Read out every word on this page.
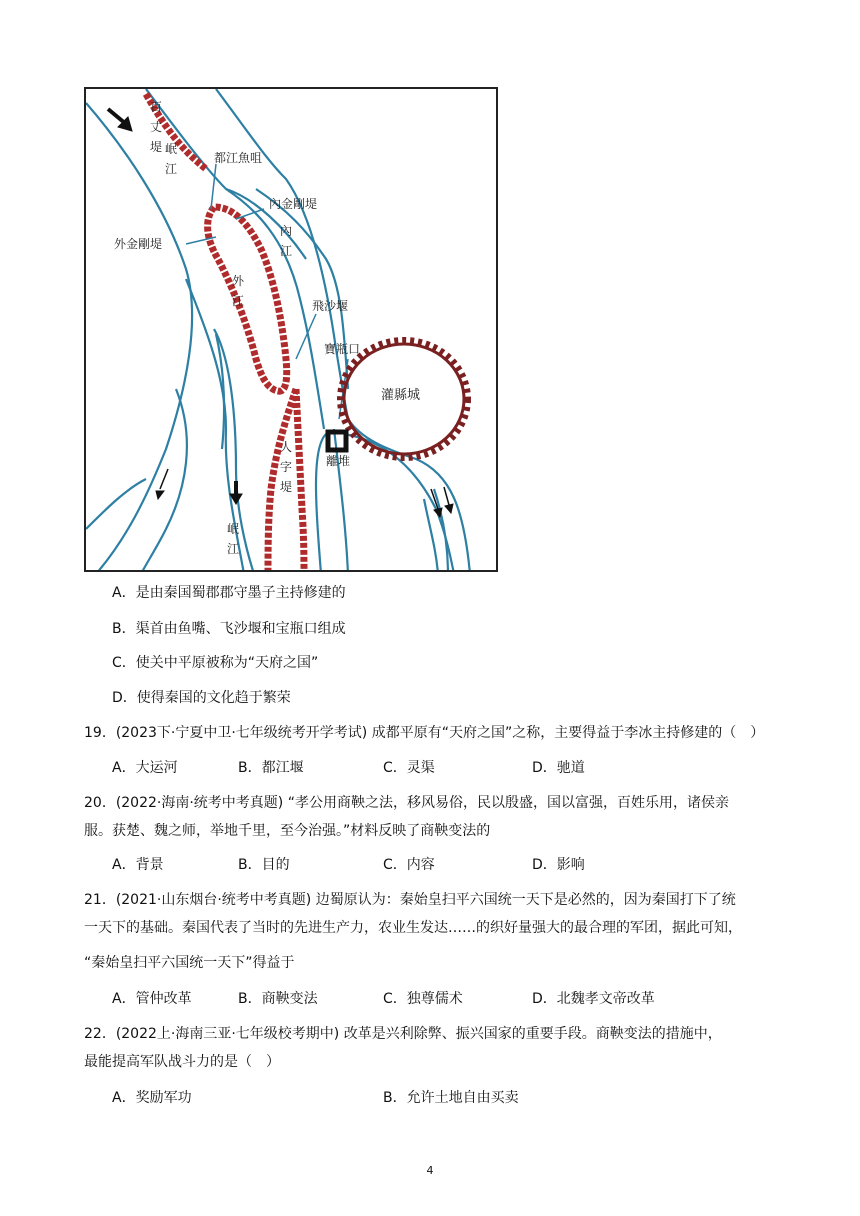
百
丈
堤 岷
江
都江魚咀
內金剛堤
外金剛堤
內
江
外
江	飛沙堰
寶瓶口
灌縣城
離堆
人
字
堤
岷
江
A．是由秦国蜀郡郡守墨子主持修建的
B．渠首由鱼嘴、飞沙堰和宝瓶口组成
C．使关中平原被称为“天府之国”
D．使得秦国的文化趋于繁荣
19．(2023下·宁夏中卫·七年级统考开学考试) 成都平原有“天府之国”之称，主要得益于李冰主持修建的（　）
A．大运河	B．都江堰	C．灵渠	D．驰道
20．(2022·海南·统考中考真题) “孝公用商鞅之法，移风易俗，民以殷盛，国以富强，百姓乐用，诸侯亲
服。获楚、魏之师，举地千里，至今治强。”材料反映了商鞅变法的
A．背景	B．目的	C．内容	D．影响
21．(2021·山东烟台·统考中考真题) 边蜀原认为：秦始皇扫平六国统一天下是必然的，因为秦国打下了统
一天下的基础。秦国代表了当时的先进生产力，农业生发达……的织好量强大的最合理的军团，据此可知，
“秦始皇扫平六国统一天下”得益于
A．管仲改革	B．商鞅变法	C．独尊儒术	D．北魏孝文帝改革
22．(2022上·海南三亚·七年级校考期中) 改革是兴利除弊、振兴国家的重要手段。商鞅变法的措施中，
最能提高军队战斗力的是（　）
A．奖励军功	B．允许土地自由买卖
4
